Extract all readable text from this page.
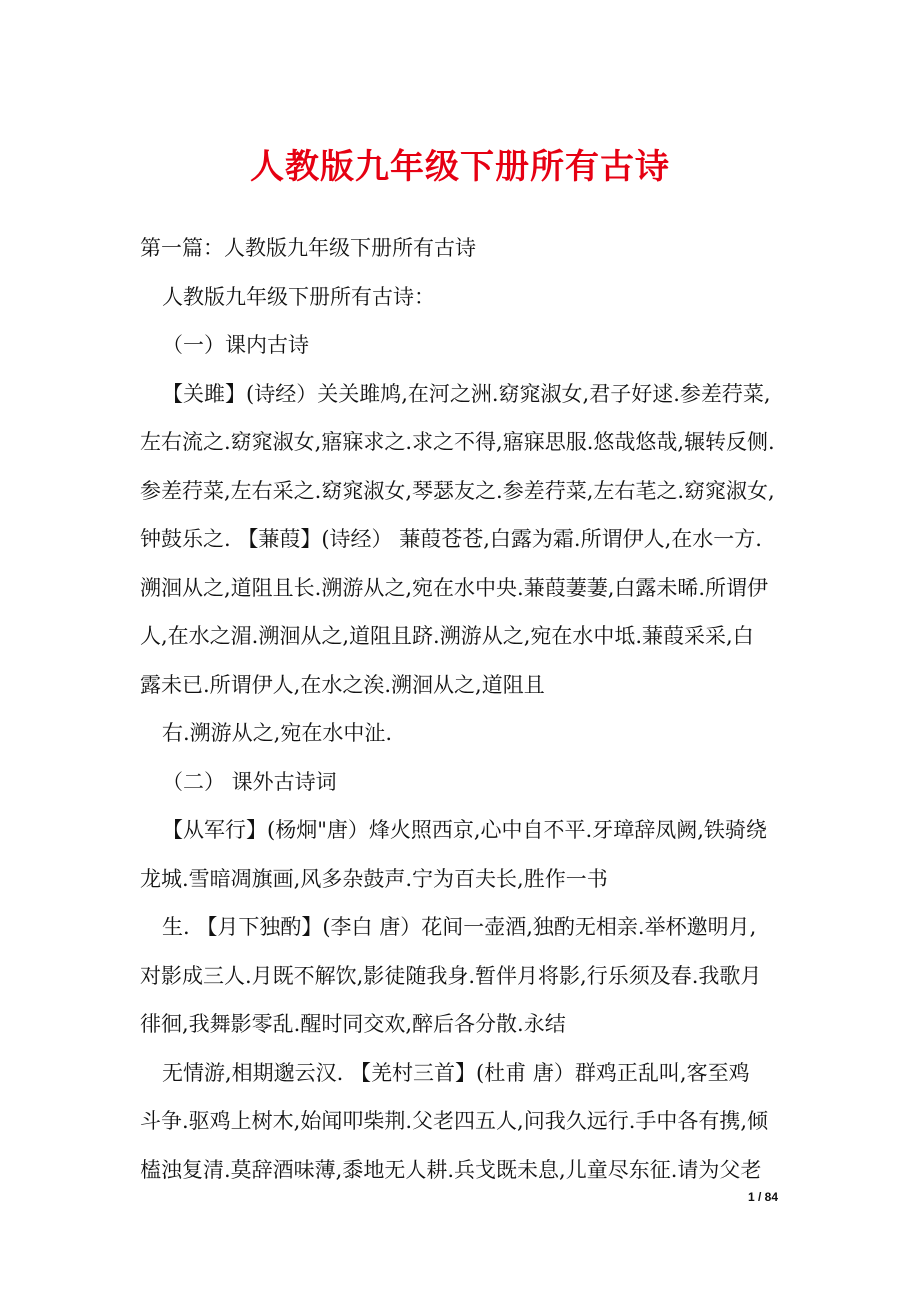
人教版九年级下册所有古诗
第一篇：人教版九年级下册所有古诗
人教版九年级下册所有古诗：
（一）课内古诗
【关雎】(诗经）关关雎鸠,在河之洲.窈窕淑女,君子好逑.参差荇菜,
左右流之.窈窕淑女,寤寐求之.求之不得,寤寐思服.悠哉悠哉,辗转反侧.
参差荇菜,左右采之.窈窕淑女,琴瑟友之.参差荇菜,左右芼之.窈窕淑女,
钟鼓乐之. 【蒹葭】(诗经） 蒹葭苍苍,白露为霜.所谓伊人,在水一方.
溯洄从之,道阻且长.溯游从之,宛在水中央.蒹葭萋萋,白露未晞.所谓伊
人,在水之湄.溯洄从之,道阻且跻.溯游从之,宛在水中坻.蒹葭采采,白
露未已.所谓伊人,在水之涘.溯洄从之,道阻且
右.溯游从之,宛在水中沚.
（二） 课外古诗词
【从军行】(杨炯"唐）烽火照西京,心中自不平.牙璋辞凤阙,铁骑绕
龙城.雪暗凋旗画,风多杂鼓声.宁为百夫长,胜作一书
生. 【月下独酌】(李白 唐）花间一壶酒,独酌无相亲.举杯邀明月,
对影成三人.月既不解饮,影徒随我身.暂伴月将影,行乐须及春.我歌月
徘徊,我舞影零乱.醒时同交欢,醉后各分散.永结
无情游,相期邈云汉. 【羌村三首】(杜甫 唐）群鸡正乱叫,客至鸡
斗争.驱鸡上树木,始闻叩柴荆.父老四五人,问我久远行.手中各有携,倾
榼浊复清.莫辞酒味薄,黍地无人耕.兵戈既未息,儿童尽东征.请为父老
1 / 84
